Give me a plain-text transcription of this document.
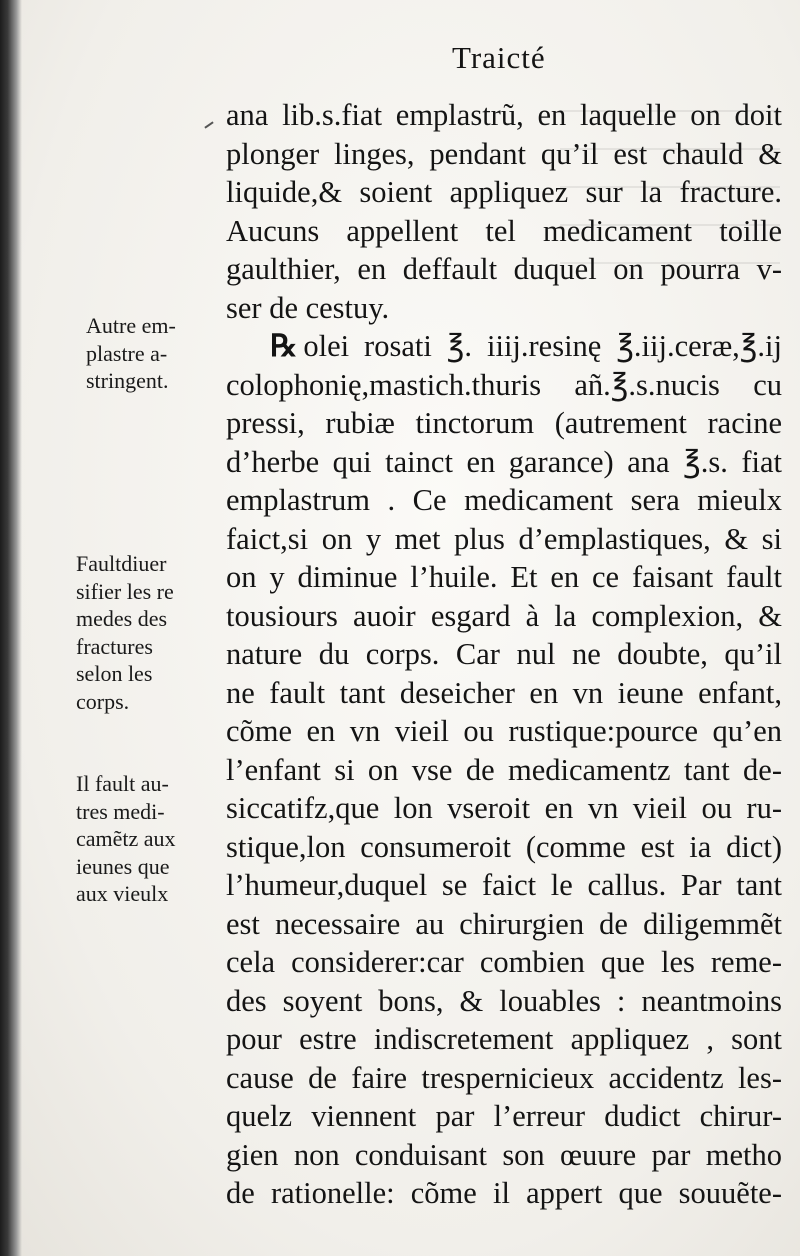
Traicté
ana lib.s.fiat emplastrũ, en laquelle on doit
plonger linges, pendant qu’il est chauld &
liquide,& soient appliquez sur la fracture.
Aucuns appellent tel medicament toille
gaulthier, en deffault duquel on pourra v-
ser de cestuy.
℞ olei rosati ℥. iiij.resinę ℥.iij.ceræ,℥.ij
colophonię,mastich.thuris añ.℥.s.nucis cu
pressi, rubiæ tinctorum (autrement racine
d’herbe qui tainct en garance) ana ℥.s. fiat
emplastrum . Ce medicament sera mieulx
faict,si on y met plus d’emplastiques, & si
on y diminue l’huile. Et en ce faisant fault
tousiours auoir esgard à la complexion, &
nature du corps. Car nul ne doubte, qu’il
ne fault tant deseicher en vn ieune enfant,
cõme en vn vieil ou rustique:pource qu’en
l’enfant si on vse de medicamentz tant de-
siccatifz,que lon vseroit en vn vieil ou ru-
stique,lon consumeroit (comme est ia dict)
l’humeur,duquel se faict le callus. Par tant
est necessaire au chirurgien de diligemmẽt
cela considerer:car combien que les reme-
des soyent bons, & louables : neantmoins
pour estre indiscretement appliquez , sont
cause de faire trespernicieux accidentz les-
quelz viennent par l’erreur dudict chirur-
gien non conduisant son œuure par metho
de rationelle: cõme il appert que souuẽte-
Autre em-
plastre a-
stringent.
Faultdiuer
sifier les re
medes des
fractures
selon les
corps.
Il fault au-
tres medi-
camẽtz aux
ieunes que
aux vieulx
